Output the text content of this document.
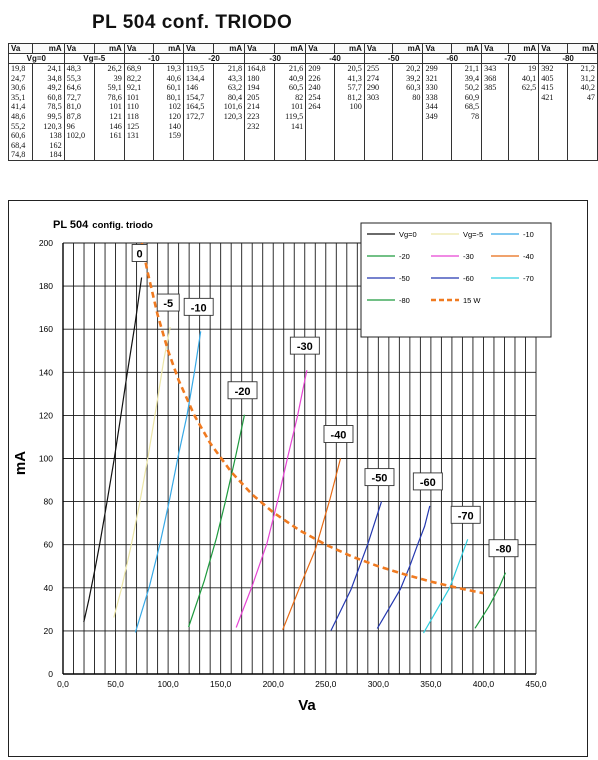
PL 504 conf. TRIODO
Va	mA	Va	mA	Va	mA	Va	mA	Va	mA	Va	mA	Va	mA	Va	mA	Va	mA	Va	mA
Vg=0		Vg=-5		-10		-20		-30		-40		-50		-60		-70		-80	
19,8	24,1	48,3	26,2	68,9	19,3	119,5	21,8	164,8	21,6	209	20,5	255	20,2	299	21,1	343	19	392	21,2
24,7	34,8	55,3	39	82,2	40,6	134,4	43,3	180	40,9	226	41,3	274	39,2	321	39,4	368	40,1	405	31,2
30,6	49,2	64,6	59,1	92,1	60,1	146	63,2	194	60,5	240	57,7	290	60,3	330	50,2	385	62,5	415	40,2
35,1	60,8	72,7	78,6	101	80,1	154,7	80,4	205	82	254	81,2	303	80	338	60,9			421	47
41,4	78,5	81,0	101	110	102	164,5	101,6	214	101	264	100			344	68,5				
48,6	99,5	87,8	121	118	120	172,7	120,3	223	119,5					349	78				
55,2	120,3	96	146	125	140			232	141										
60,6	138	102,0	161	131	159														
68,4	162																		
74,8	184																		
0
20
40
60
80
100
120
140
160
180
200
0,0	50,0	100,0	150,0	200,0	250,0	300,0	350,0	400,0	450,0
0
-5 -10
-20
-30
-40
-50	-60
-70
-80
Vg=0	Vg=-5	-10
-20	-30	-40
-50	-60	-70
-80	15 W
PL 504 config. triodo
Va
mA
